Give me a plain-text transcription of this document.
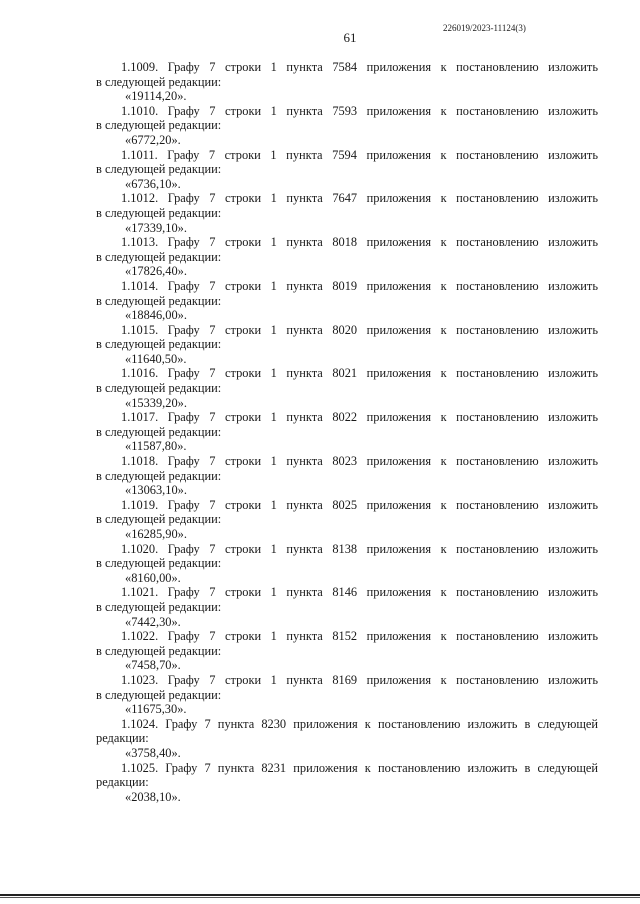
226019/2023-11124(3)
61
1.1009. Графу 7 строки 1 пункта 7584 приложения к постановлению изложить
в следующей редакции:
«19114,20».
1.1010. Графу 7 строки 1 пункта 7593 приложения к постановлению изложить
в следующей редакции:
«6772,20».
1.1011. Графу 7 строки 1 пункта 7594 приложения к постановлению изложить
в следующей редакции:
«6736,10».
1.1012. Графу 7 строки 1 пункта 7647 приложения к постановлению изложить
в следующей редакции:
«17339,10».
1.1013. Графу 7 строки 1 пункта 8018 приложения к постановлению изложить
в следующей редакции:
«17826,40».
1.1014. Графу 7 строки 1 пункта 8019 приложения к постановлению изложить
в следующей редакции:
«18846,00».
1.1015. Графу 7 строки 1 пункта 8020 приложения к постановлению изложить
в следующей редакции:
«11640,50».
1.1016. Графу 7 строки 1 пункта 8021 приложения к постановлению изложить
в следующей редакции:
«15339,20».
1.1017. Графу 7 строки 1 пункта 8022 приложения к постановлению изложить
в следующей редакции:
«11587,80».
1.1018. Графу 7 строки 1 пункта 8023 приложения к постановлению изложить
в следующей редакции:
«13063,10».
1.1019. Графу 7 строки 1 пункта 8025 приложения к постановлению изложить
в следующей редакции:
«16285,90».
1.1020. Графу 7 строки 1 пункта 8138 приложения к постановлению изложить
в следующей редакции:
«8160,00».
1.1021. Графу 7 строки 1 пункта 8146 приложения к постановлению изложить
в следующей редакции:
«7442,30».
1.1022. Графу 7 строки 1 пункта 8152 приложения к постановлению изложить
в следующей редакции:
«7458,70».
1.1023. Графу 7 строки 1 пункта 8169 приложения к постановлению изложить
в следующей редакции:
«11675,30».
1.1024. Графу 7 пункта 8230 приложения к постановлению изложить в следующей
редакции:
«3758,40».
1.1025. Графу 7 пункта 8231 приложения к постановлению изложить в следующей
редакции:
«2038,10».
